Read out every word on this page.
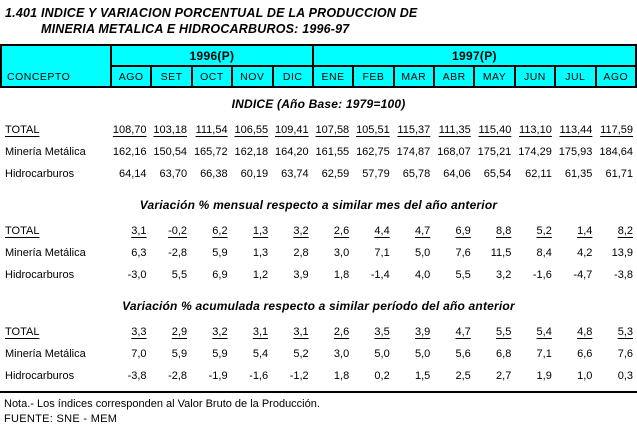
1.401 INDICE Y VARIACION PORCENTUAL DE LA PRODUCCION DE
MINERIA METALICA E HIDROCARBUROS: 1996-97
CONCEPTO	1996(P)					1997(P)							
	AGO	SET	OCT	NOV	DIC	ENE	FEB	MAR	ABR	MAY	JUN	JUL	AGO
INDICE (Año Base: 1979=100)													
TOTAL	108,70	103,18	111,54	106,55	109,41	107,58	105,51	115,37	111,35	115,40	113,10	113,44	117,59
Minería Metálica	162,16	150,54	165,72	162,18	164,20	161,55	162,75	174,87	168,07	175,21	174,29	175,93	184,64
Hidrocarburos	64,14	63,70	66,38	60,19	63,74	62,59	57,79	65,78	64,06	65,54	62,11	61,35	61,71
Variación % mensual respecto a similar mes del año anterior													
TOTAL	3,1	-0,2	6,2	1,3	3,2	2,6	4,4	4,7	6,9	8,8	5,2	1,4	8,2
Minería Metálica	6,3	-2,8	5,9	1,3	2,8	3,0	7,1	5,0	7,6	11,5	8,4	4,2	13,9
Hidrocarburos	-3,0	5,5	6,9	1,2	3,9	1,8	-1,4	4,0	5,5	3,2	-1,6	-4,7	-3,8
Variación % acumulada respecto a similar período del año anterior													
TOTAL	3,3	2,9	3,2	3,1	3,1	2,6	3,5	3,9	4,7	5,5	5,4	4,8	5,3
Minería Metálica	7,0	5,9	5,9	5,4	5,2	3,0	5,0	5,0	5,6	6,8	7,1	6,6	7,6
Hidrocarburos	-3,8	-2,8	-1,9	-1,6	-1,2	1,8	0,2	1,5	2,5	2,7	1,9	1,0	0,3
Nota.- Los índices corresponden al Valor Bruto de la Producción.
FUENTE: SNE - MEM
